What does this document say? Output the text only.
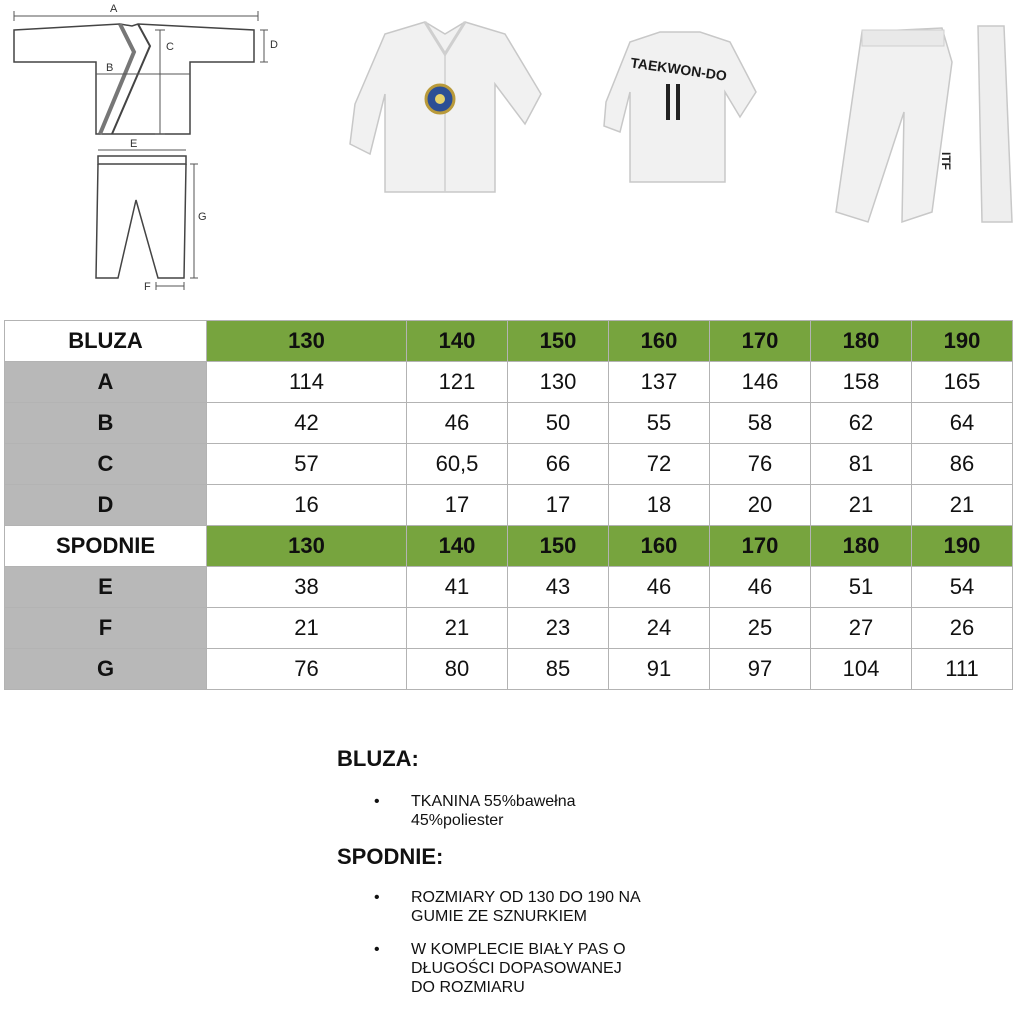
A
B
C	D
E
G
F
TAEKWON-DO
ITF
BLUZA	130	140	150	160	170	180	190
A	114	121	130	137	146	158	165
B	42	46	50	55	58	62	64
C	57	60,5	66	72	76	81	86
D	16	17	17	18	20	21	21
SPODNIE	130	140	150	160	170	180	190
E	38	41	43	46	46	51	54
F	21	21	23	24	25	27	26
G	76	80	85	91	97	104	111
BLUZA:
• TKANINA 55%bawełna
45%poliester
SPODNIE:
• ROZMIARY OD 130 DO 190 NA
GUMIE ZE SZNURKIEM
• W KOMPLECIE BIAŁY PAS O
DŁUGOŚCI DOPASOWANEJ
DO ROZMIARU
